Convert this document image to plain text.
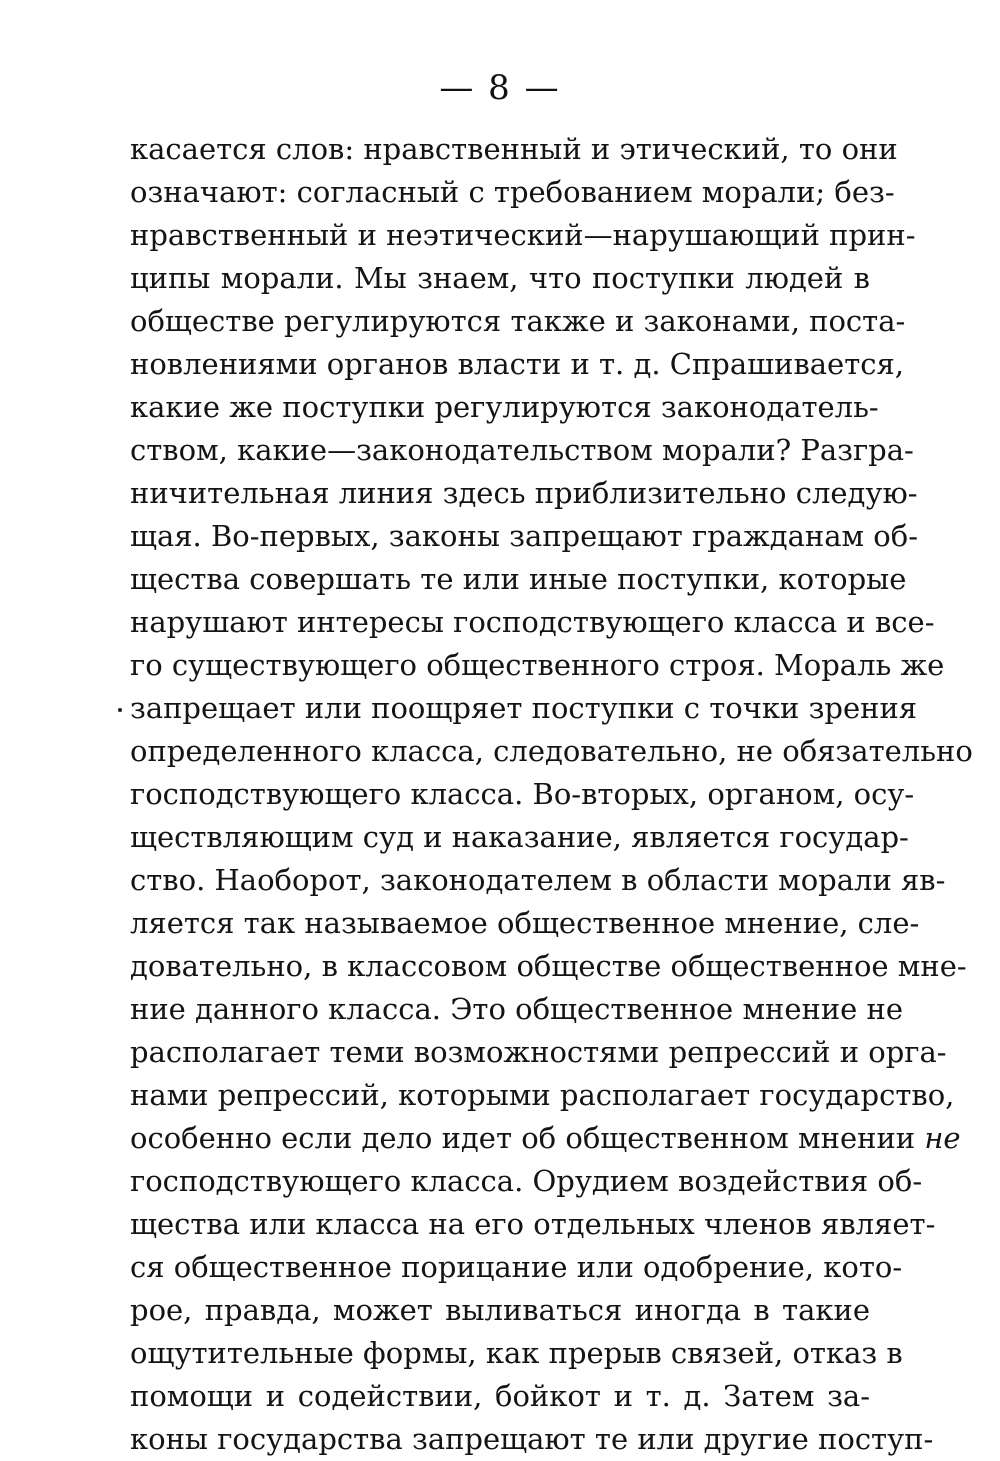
— 8 —
касается слов: нравственный и этический, то они
означают: согласный с требованием морали; без-
нравственный и неэтический—нарушающий прин-
ципы морали. Мы знаем, что поступки людей в
обществе регулируются также и законами, поста-
новлениями органов власти и т. д. Спрашивается,
какие же поступки регулируются законодатель-
ством, какие—законодательством морали? Разгра-
ничительная линия здесь приблизительно следую-
щая. Во-первых, законы запрещают гражданам об-
щества совершать те или иные поступки, которые
нарушают интересы господствующего класса и все-
го существующего общественного строя. Мораль же
запрещает или поощряет поступки с точки зрения
определенного класса, следовательно, не обязательно
господствующего класса. Во-вторых, органом, осу-
ществляющим суд и наказание, является государ-
ство. Наоборот, законодателем в области морали яв-
ляется так называемое общественное мнение, сле-
довательно, в классовом обществе общественное мне-
ние данного класса. Это общественное мнение не
располагает теми возможностями репрессий и орга-
нами репрессий, которыми располагает государство,
особенно если дело идет об общественном мнении не
господствующего класса. Орудием воздействия об-
щества или класса на его отдельных членов являет-
ся общественное порицание или одобрение, кото-
рое, правда, может выливаться иногда в такие
ощутительные формы, как прерыв связей, отказ в
помощи и содействии, бойкот и т. д. Затем за-
коны государства запрещают те или другие поступ-
